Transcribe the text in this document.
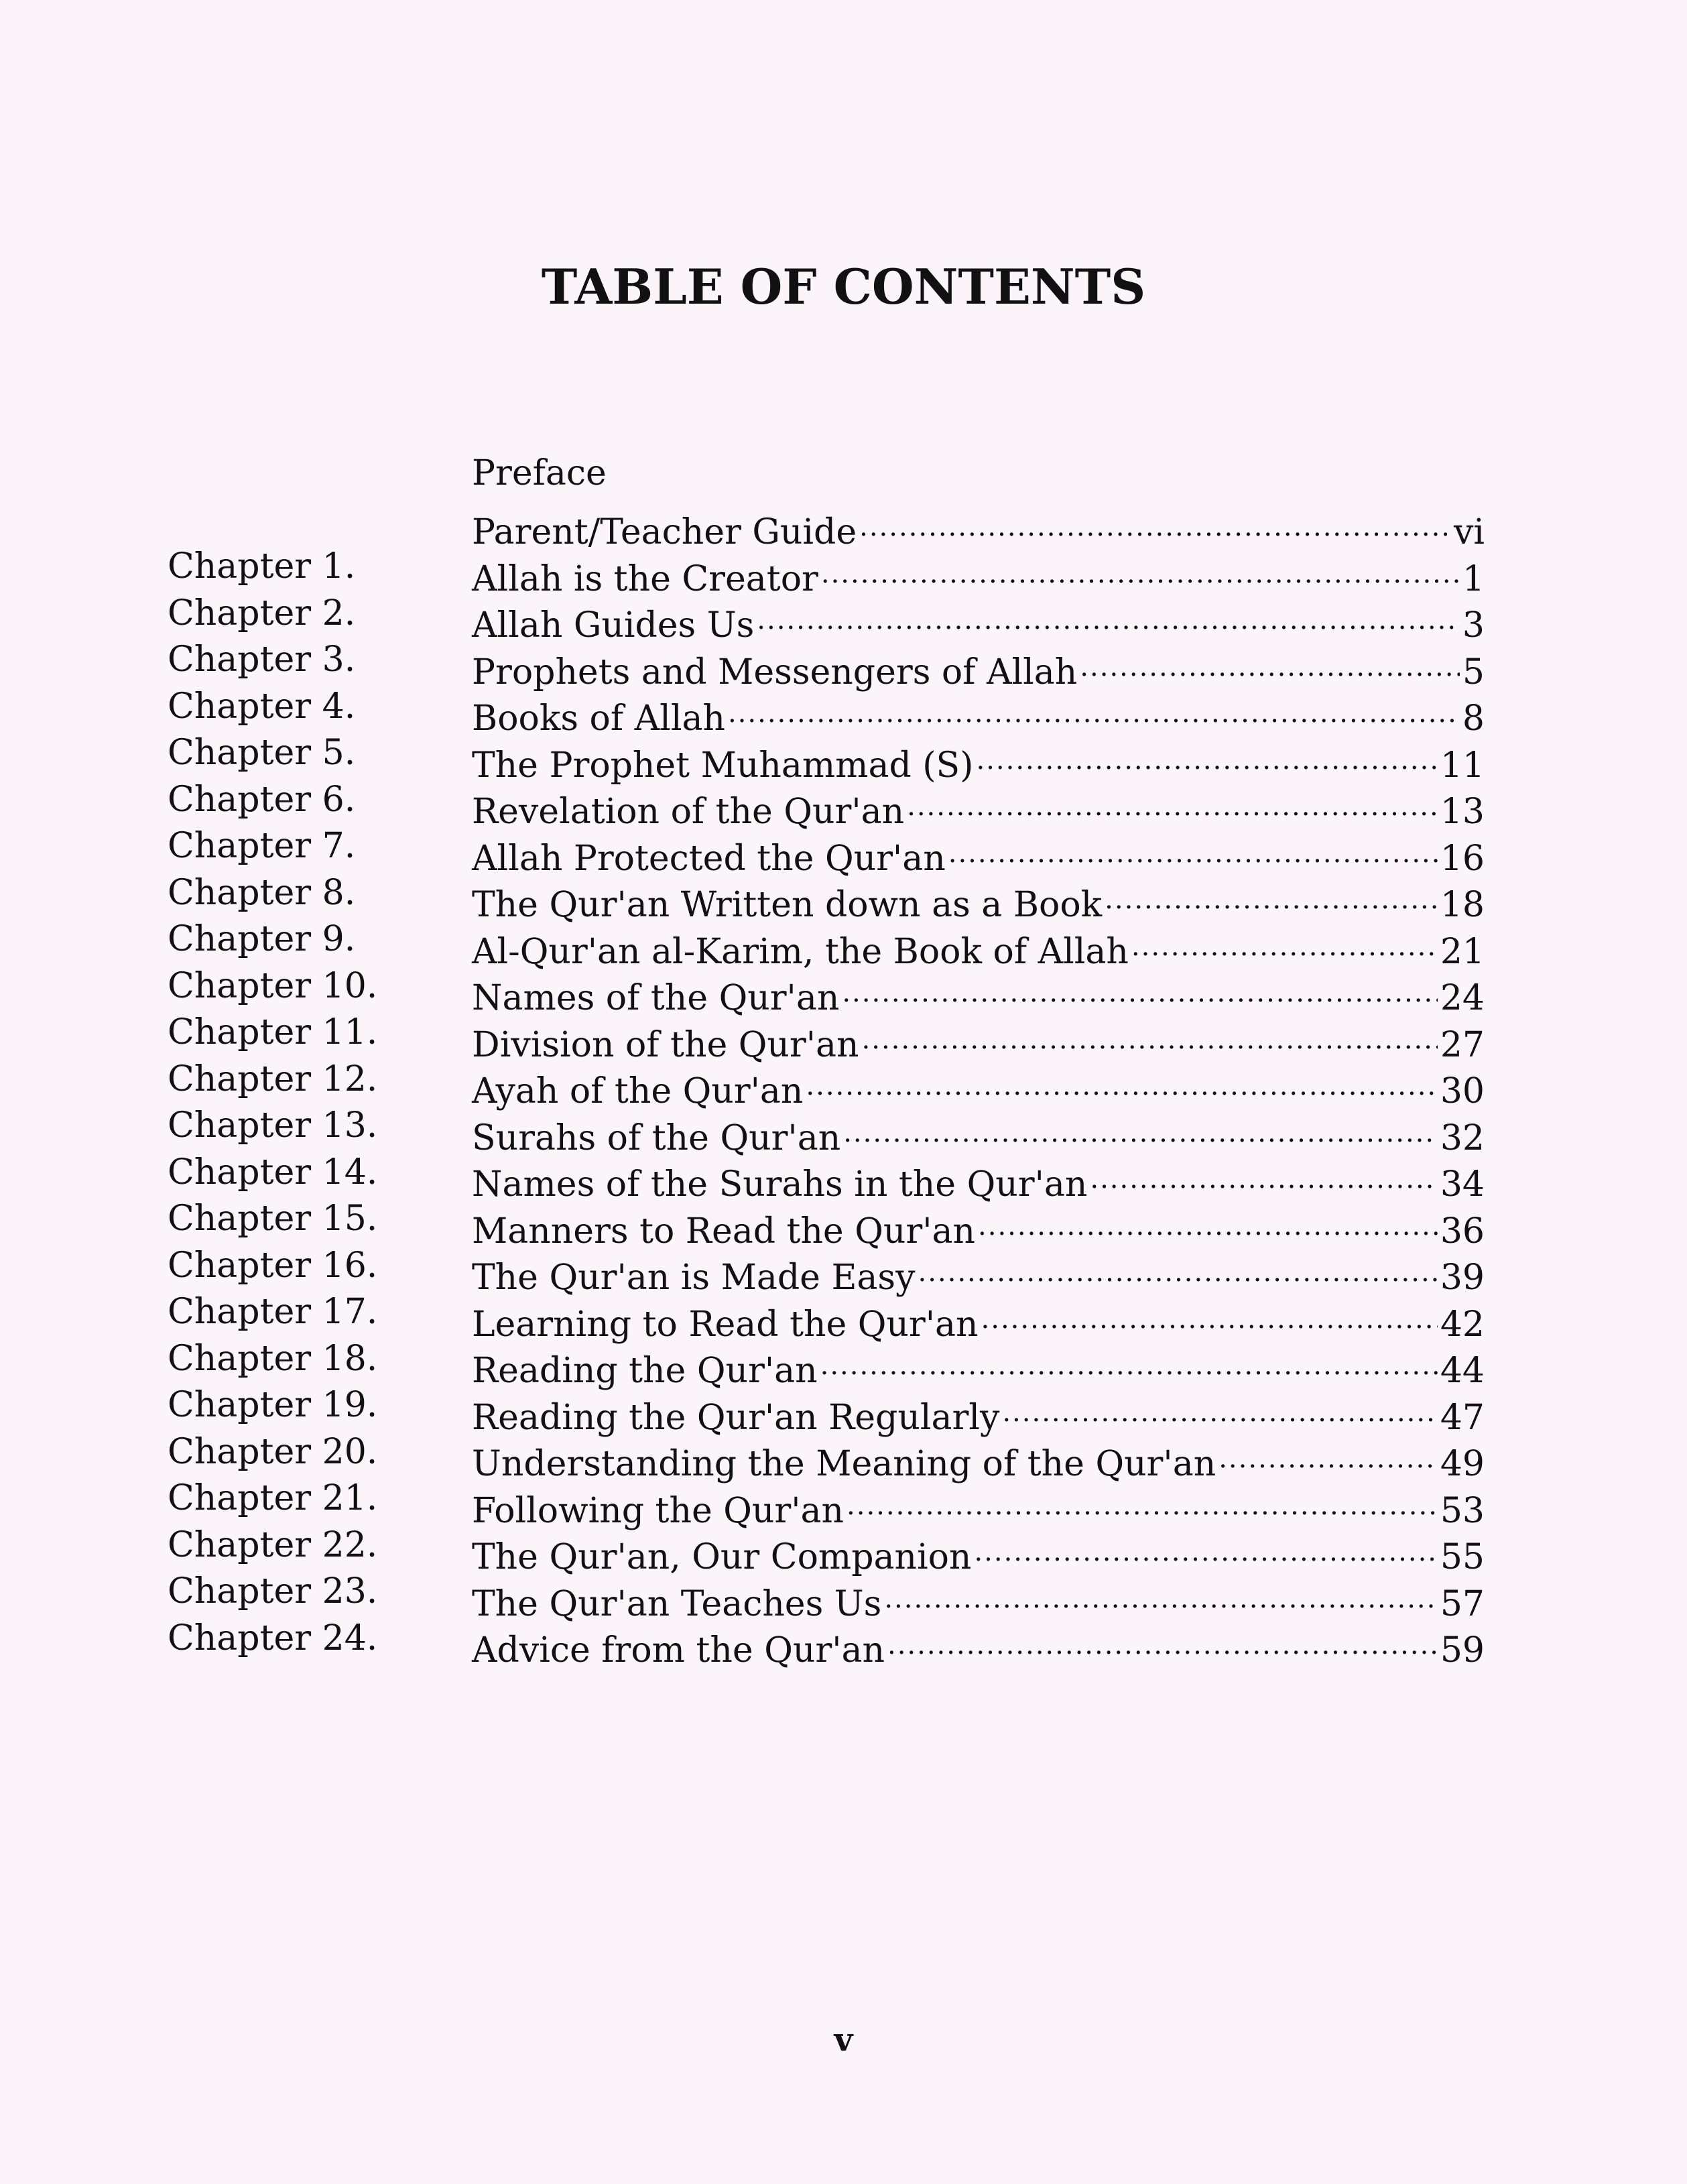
TABLE OF CONTENTS
Preface
Parent/Teacher Guide .....	vi
Chapter 1.	Allah is the Creator .....	1
Chapter 2.	Allah Guides Us .....	3
Chapter 3.	Prophets and Messengers of Allah .....	5
Chapter 4.	Books of Allah .....	8
Chapter 5.	The Prophet Muhammad (S) .....	11
Chapter 6.	Revelation of the Qur'an .....	13
Chapter 7.	Allah Protected the Qur'an .....	16
Chapter 8.	The Qur'an Written down as a Book .....	18
Chapter 9.	Al-Qur'an al-Karim, the Book of Allah .....	21
Chapter 10.	Names of the Qur'an .....	24
Chapter 11.	Division of the Qur'an .....	27
Chapter 12.	Ayah of the Qur'an .....	30
Chapter 13.	Surahs of the Qur'an .....	32
Chapter 14.	Names of the Surahs in the Qur'an .....	34
Chapter 15.	Manners to Read the Qur'an .....	36
Chapter 16.	The Qur'an is Made Easy .....	39
Chapter 17.	Learning to Read the Qur'an .....	42
Chapter 18.	Reading the Qur'an .....	44
Chapter 19.	Reading the Qur'an Regularly .....	47
Chapter 20.	Understanding the Meaning of the Qur'an .....	49
Chapter 21.	Following the Qur'an .....	53
Chapter 22.	The Qur'an, Our Companion .....	55
Chapter 23.	The Qur'an Teaches Us .....	57
Chapter 24.	Advice from the Qur'an .....	59
v
